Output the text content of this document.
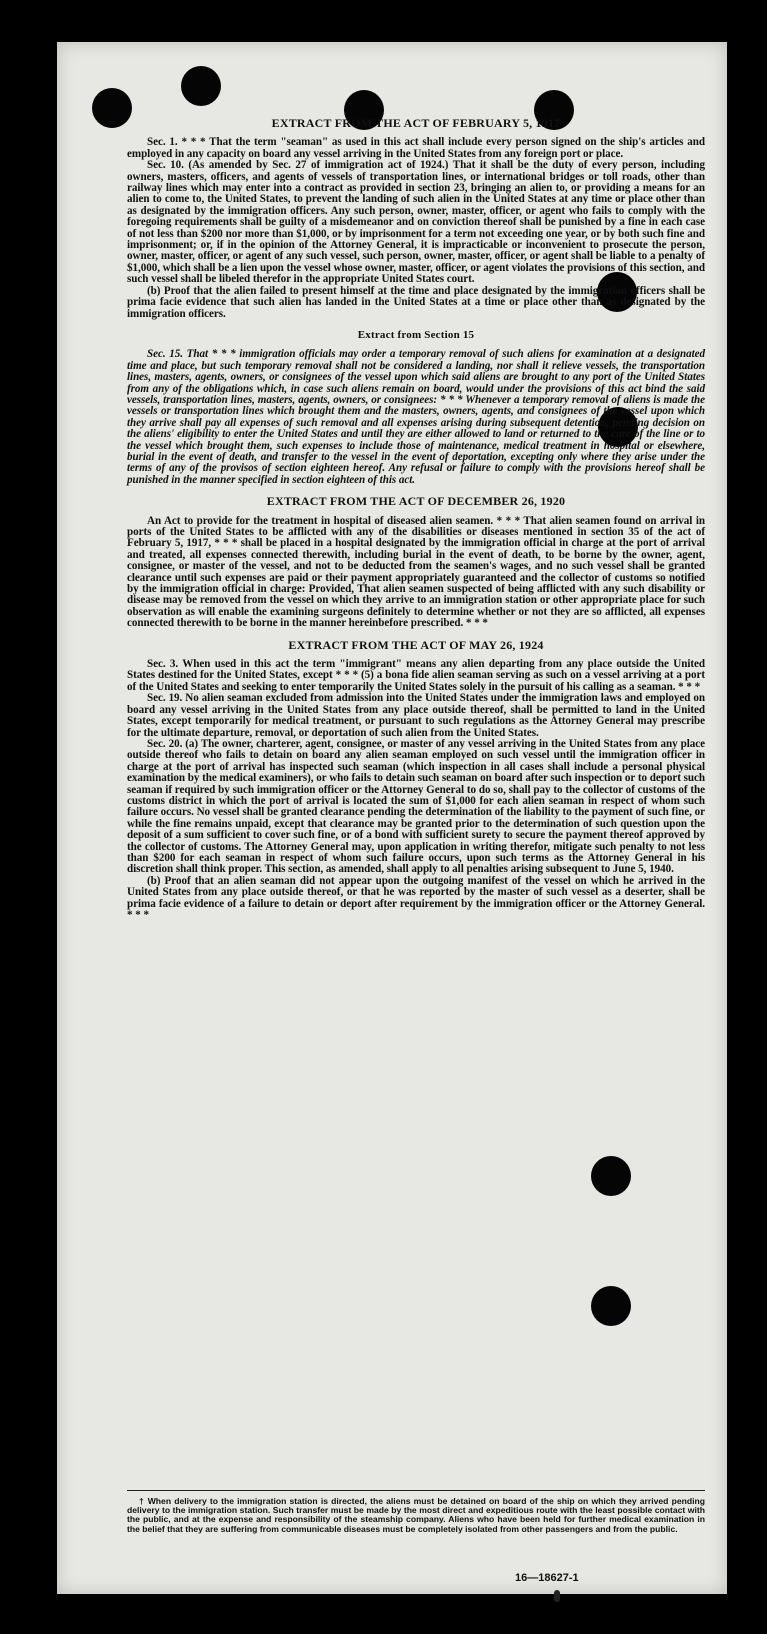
EXTRACT FROM THE ACT OF FEBRUARY 5, 1917

Sec. 1. * * * That the term "seaman" as used in this act shall include every person signed on the ship's articles and employed in any capacity on board any vessel arriving in the United States from any foreign port or place.

Sec. 10. (As amended by Sec. 27 of immigration act of 1924.) That it shall be the duty of every person, including owners, masters, officers, and agents of vessels of transportation lines, or international bridges or toll roads, other than railway lines which may enter into a contract as provided in section 23, bringing an alien to, or providing a means for an alien to come to, the United States, to prevent the landing of such alien in the United States at any time or place other than as designated by the immigration officers. Any such person, owner, master, officer, or agent who fails to comply with the foregoing requirements shall be guilty of a misdemeanor and on conviction thereof shall be punished by a fine in each case of not less than $200 nor more than $1,000, or by imprisonment for a term not exceeding one year, or by both such fine and imprisonment; or, if in the opinion of the Attorney General, it is impracticable or inconvenient to prosecute the person, owner, master, officer, or agent of any such vessel, such person, owner, master, officer, or agent shall be liable to a penalty of $1,000, which shall be a lien upon the vessel whose owner, master, officer, or agent violates the provisions of this section, and such vessel shall be libeled therefor in the appropriate United States court.

(b) Proof that the alien failed to present himself at the time and place designated by the immigration officers shall be prima facie evidence that such alien has landed in the United States at a time or place other than as designated by the immigration officers.

Extract from Section 15

Sec. 15. That * * * immigration officials may order a temporary removal of such aliens for examination at a designated time and place, but such temporary removal shall not be considered a landing, nor shall it relieve vessels, the transportation lines, masters, agents, owners, or consignees of the vessel upon which said aliens are brought to any port of the United States from any of the obligations which, in case such aliens remain on board, would under the provisions of this act bind the said vessels, transportation lines, masters, agents, owners, or consignees: * * * Whenever a temporary removal of aliens is made the vessels or transportation lines which brought them and the masters, owners, agents, and consignees of the vessel upon which they arrive shall pay all expenses of such removal and all expenses arising during subsequent detention, pending decision on the aliens' eligibility to enter the United States and until they are either allowed to land or returned to the care of the line or to the vessel which brought them, such expenses to include those of maintenance, medical treatment in hospital or elsewhere, burial in the event of death, and transfer to the vessel in the event of deportation, excepting only where they arise under the terms of any of the provisos of section eighteen hereof. Any refusal or failure to comply with the provisions hereof shall be punished in the manner specified in section eighteen of this act.

EXTRACT FROM THE ACT OF DECEMBER 26, 1920

An Act to provide for the treatment in hospital of diseased alien seamen. * * * That alien seamen found on arrival in ports of the United States to be afflicted with any of the disabilities or diseases mentioned in section 35 of the act of February 5, 1917, * * * shall be placed in a hospital designated by the immigration official in charge at the port of arrival and treated, all expenses connected therewith, including burial in the event of death, to be borne by the owner, agent, consignee, or master of the vessel, and not to be deducted from the seamen's wages, and no such vessel shall be granted clearance until such expenses are paid or their payment appropriately guaranteed and the collector of customs so notified by the immigration official in charge: Provided, That alien seamen suspected of being afflicted with any such disability or disease may be removed from the vessel on which they arrive to an immigration station or other appropriate place for such observation as will enable the examining surgeons definitely to determine whether or not they are so afflicted, all expenses connected therewith to be borne in the manner hereinbefore prescribed. * * *

EXTRACT FROM THE ACT OF MAY 26, 1924

Sec. 3. When used in this act the term "immigrant" means any alien departing from any place outside the United States destined for the United States, except * * * (5) a bona fide alien seaman serving as such on a vessel arriving at a port of the United States and seeking to enter temporarily the United States solely in the pursuit of his calling as a seaman. * * *

Sec. 19. No alien seaman excluded from admission into the United States under the immigration laws and employed on board any vessel arriving in the United States from any place outside thereof, shall be permitted to land in the United States, except temporarily for medical treatment, or pursuant to such regulations as the Attorney General may prescribe for the ultimate departure, removal, or deportation of such alien from the United States.

Sec. 20. (a) The owner, charterer, agent, consignee, or master of any vessel arriving in the United States from any place outside thereof who fails to detain on board any alien seaman employed on such vessel until the immigration officer in charge at the port of arrival has inspected such seaman (which inspection in all cases shall include a personal physical examination by the medical examiners), or who fails to detain such seaman on board after such inspection or to deport such seaman if required by such immigration officer or the Attorney General to do so, shall pay to the collector of customs of the customs district in which the port of arrival is located the sum of $1,000 for each alien seaman in respect of whom such failure occurs. No vessel shall be granted clearance pending the determination of the liability to the payment of such fine, or while the fine remains unpaid, except that clearance may be granted prior to the determination of such question upon the deposit of a sum sufficient to cover such fine, or of a bond with sufficient surety to secure the payment thereof approved by the collector of customs. The Attorney General may, upon application in writing therefor, mitigate such penalty to not less than $200 for each seaman in respect of whom such failure occurs, upon such terms as the Attorney General in his discretion shall think proper. This section, as amended, shall apply to all penalties arising subsequent to June 5, 1940.

(b) Proof that an alien seaman did not appear upon the outgoing manifest of the vessel on which he arrived in the United States from any place outside thereof, or that he was reported by the master of such vessel as a deserter, shall be prima facie evidence of a failure to detain or deport after requirement by the immigration officer or the Attorney General. * * *

† When delivery to the immigration station is directed, the aliens must be detained on board of the ship on which they arrived pending delivery to the immigration station. Such transfer must be made by the most direct and expeditious route with the least possible contact with the public, and at the expense and responsibility of the steamship company. Aliens who have been held for further medical examination in the belief that they are suffering from communicable diseases must be completely isolated from other passengers and from the public.

16—18627-1
